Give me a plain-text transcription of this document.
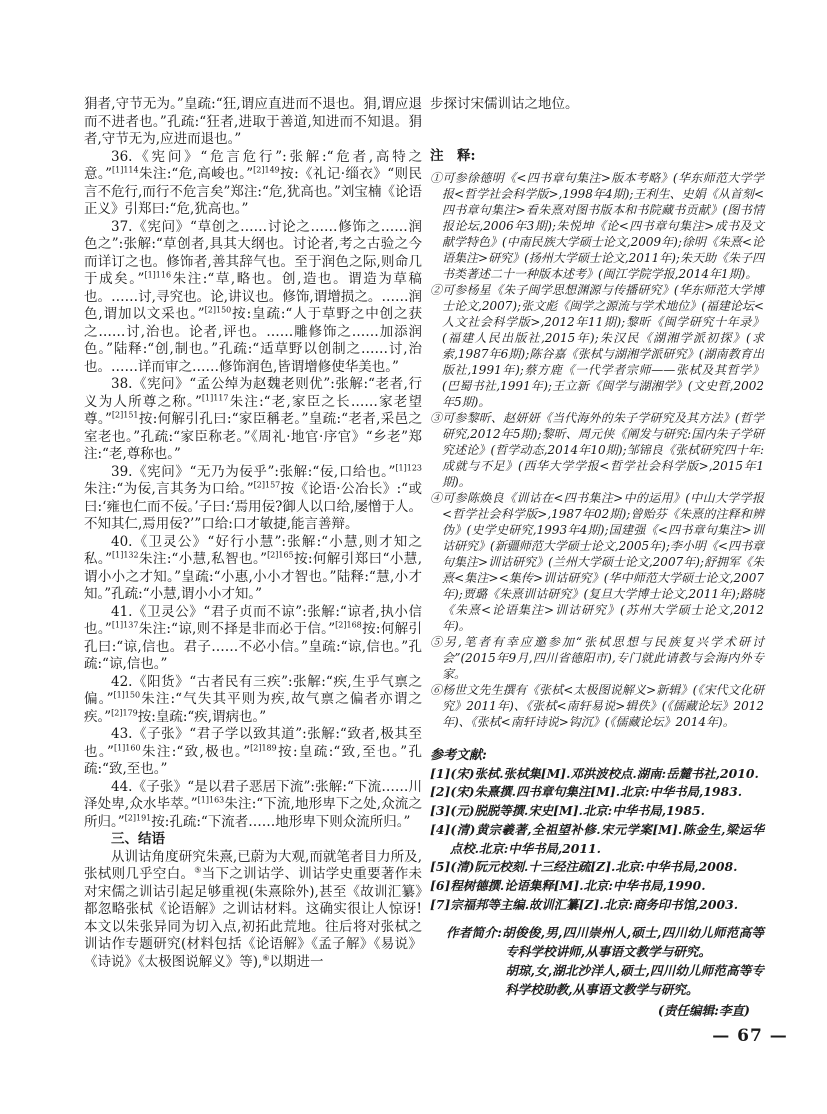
狷者,守节无为。”皇疏:“狂,谓应直进而不退也。狷,谓应退而不进者也。”孔疏:“狂者,进取于善道,知进而不知退。狷者,守节无为,应进而退也。”

36.《宪问》“危言危行”:张解:“危者,高特之意。”$^{[1]114}$朱注:“危,高峻也。”$^{[2]149}$按:《礼记·缁衣》“则民言不危行,而行不危言矣”郑注:“危,犹高也。”刘宝楠《论语正义》引郑曰:“危,犹高也。”

37.《宪问》“草创之……讨论之……修饰之……润色之”:张解:“草创者,具其大纲也。讨论者,考之古验之今而详订之也。修饰者,善其辞气也。至于润色之际,则命几于成矣。”$^{[1]116}$朱注:“草,略也。创,造也。谓造为草稿也。……讨,寻究也。论,讲议也。修饰,谓增损之。……润色,谓加以文采也。”$^{[2]150}$按:皇疏:“人于草野之中创之获之……讨,治也。论者,评也。……雕修饰之……加添润色。”陆释:“创,制也。”孔疏:“适草野以创制之……讨,治也。……详而审之……修饰润色,皆谓增修使华美也。”

38.《宪问》“孟公绰为赵魏老则优”:张解:“老者,行义为人所尊之称。”$^{[1]117}$朱注:“老,家臣之长……家老望尊。”$^{[2]151}$按:何解引孔曰:“家臣稱老。”皇疏:“老者,采邑之室老也。”孔疏:“家臣称老。”《周礼·地官·序官》“乡老”郑注:“老,尊称也。”

39.《宪问》“无乃为佞乎”:张解:“佞,口给也。”$^{[1]123}$朱注:“为佞,言其务为口给。”$^{[2]157}$按《论语·公冶长》:“或曰:‘雍也仁而不佞。’子曰:‘焉用佞?御人以口给,屡憎于人。不知其仁,焉用佞?’”口给:口才敏捷,能言善辩。

40.《卫灵公》“好行小慧”:张解:“小慧,则才知之私。”$^{[1]132}$朱注:“小慧,私智也。”$^{[2]165}$按:何解引郑曰“小慧,谓小小之才知。”皇疏:“小惠,小小才智也。”陆释:“慧,小才知。”孔疏:“小慧,谓小小才知。”

41.《卫灵公》“君子贞而不谅”:张解:“谅者,执小信也。”$^{[1]137}$朱注:“谅,则不择是非而必于信。”$^{[2]168}$按:何解引孔曰:“谅,信也。君子……不必小信。”皇疏:“谅,信也。”孔疏:“谅,信也。”

42.《阳货》“古者民有三疾”:张解:“疾,生乎气禀之偏。”$^{[1]150}$朱注:“气失其平则为疾,故气禀之偏者亦谓之疾。”$^{[2]179}$按:皇疏:“疾,谓病也。”

43.《子张》“君子学以致其道”:张解:“致者,极其至也。”$^{[1]160}$朱注:“致,极也。”$^{[2]189}$按:皇疏:“致,至也。”孔疏:“致,至也。”

44.《子张》“是以君子恶居下流”:张解:“下流……川泽处卑,众水毕萃。”$^{[1]163}$朱注:“下流,地形卑下之处,众流之所归。”$^{[2]191}$按:孔疏:“下流者……地形卑下则众流所归。”

三、结语

从训诂角度研究朱熹,已蔚为大观,而就笔者目力所及,张栻则几乎空白。⑤当下之训诂学、训诂学史重要著作未对宋儒之训诂引起足够重视(朱熹除外),甚至《故训汇纂》都忽略张栻《论语解》之训诂材料。这确实很让人惊讶!本文以朱张异同为切入点,初拓此荒地。往后将对张栻之训诂作专题研究(材料包括《论语解》《孟子解》《易说》《诗说》《太极图说解义》等),⑥以期进一

步探讨宋儒训诂之地位。

注　释:

①可参徐德明《<四书章句集注>版本考略》(华东师范大学学报<哲学社会科学版>,1998年4期);王利生、史娟《从首刻<四书章句集注>看朱熹对图书版本和书院藏书贡献》(图书情报论坛,2006年3期);朱悦坤《论<四书章句集注>成书及文献学特色》(中南民族大学硕士论文,2009年);徐明《朱熹<论语集注>研究》(扬州大学硕士论文,2011年);朱天助《朱子四书类著述二十一种版本述考》(闽江学院学报,2014年1期)。

②可参杨星《朱子闽学思想渊源与传播研究》(华东师范大学博士论文,2007);张文彪《闽学之源流与学术地位》(福建论坛<人文社会科学版>,2012年11期);黎昕《闽学研究十年录》(福建人民出版社,2015年);朱汉民《湖湘学派初探》(求索,1987年6期);陈谷嘉《张栻与湖湘学派研究》(湖南教育出版社,1991年);蔡方鹿《一代学者宗师——张栻及其哲学》(巴蜀书社,1991年);王立新《闽学与湖湘学》(文史哲,2002年5期)。

③可参黎昕、赵妍妍《当代海外的朱子学研究及其方法》(哲学研究,2012年5期);黎昕、周元侠《阐发与研究:国内朱子学研究述论》(哲学动态,2014年10期);邹锦良《张栻研究四十年:成就与不足》(西华大学学报<哲学社会科学版>,2015年1期)。

④可参陈焕良《训诂在<四书集注>中的运用》(中山大学学报<哲学社会科学版>,1987年02期);曾贻芬《朱熹的注释和辨伪》(史学史研究,1993年4期);国建强《<四书章句集注>训诂研究》(新疆师范大学硕士论文,2005年);李小明《<四书章句集注>训诂研究》(兰州大学硕士论文,2007年);舒拥军《朱熹<集注><集传>训诂研究》(华中师范大学硕士论文,2007年);贾璐《朱熹训诂研究》(复旦大学博士论文,2011年);路晓《朱熹<论语集注>训诂研究》(苏州大学硕士论文,2012年)。

⑤另,笔者有幸应邀参加“张栻思想与民族复兴学术研讨会”(2015年9月,四川省德阳市),专门就此请教与会海内外专家。

⑥杨世文先生撰有《张栻<太极图说解义>新辑》(《宋代文化研究》2011年)、《张栻<南轩易说>辑佚》(《儒藏论坛》2012年)、《张栻<南轩诗说>钩沉》(《儒藏论坛》2014年)。

参考文献:

[1](宋)张栻.张栻集[M].邓洪波校点.湖南:岳麓书社,2010.

[2](宋)朱熹撰.四书章句集注[M].北京:中华书局,1983.

[3](元)脱脱等撰.宋史[M].北京:中华书局,1985.

[4](清)黄宗羲著,全祖望补修.宋元学案[M].陈金生,梁运华点校.北京:中华书局,2011.

[5](清)阮元校刻.十三经注疏[Z].北京:中华书局,2008.

[6]程树德撰.论语集释[M].北京:中华书局,1990.

[7]宗福邦等主编.故训汇纂[Z].北京:商务印书馆,2003.

作者简介:胡俊俊,男,四川崇州人,硕士,四川幼儿师范高等专科学校讲师,从事语文教学与研究。

胡琼,女,湖北沙洋人,硕士,四川幼儿师范高等专科学校助教,从事语文教学与研究。

(责任编辑:李直)

— 67 —
